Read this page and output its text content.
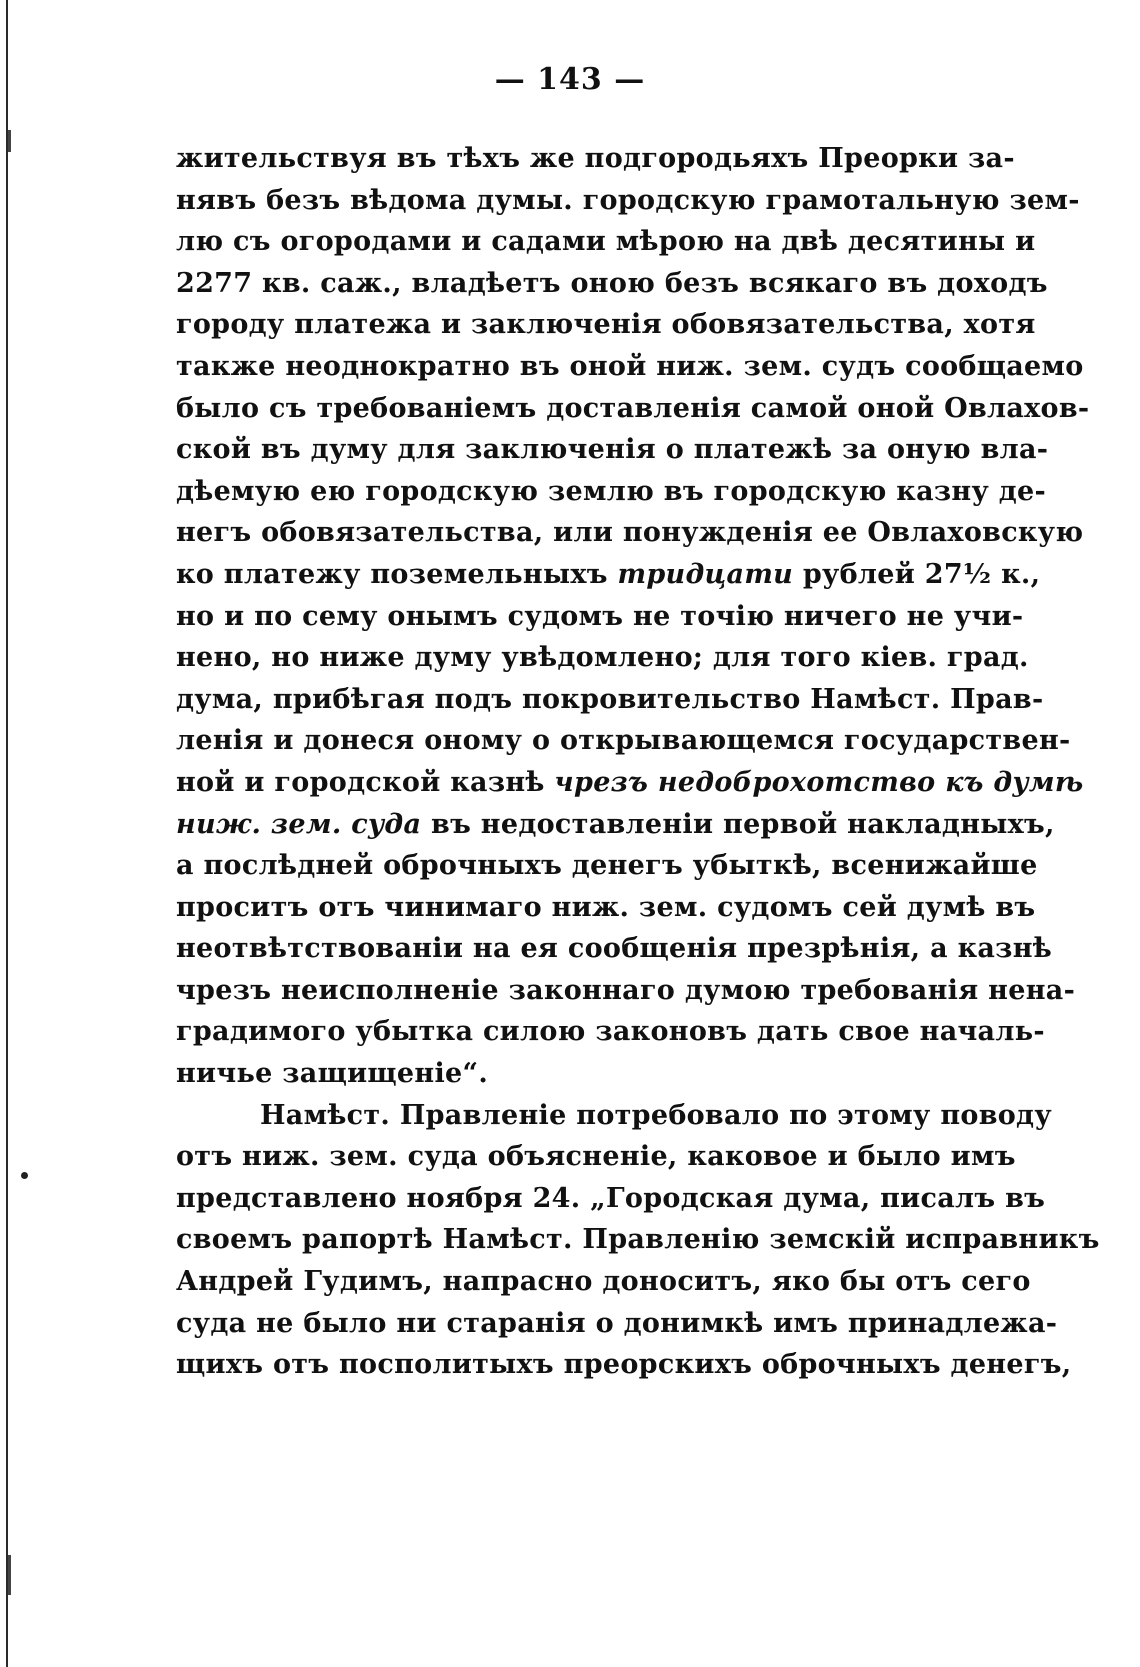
— 143 —
жительствуя въ тѣхъ же подгородьяхъ Преорки за-
нявъ безъ вѣдома думы. городскую грамотальную зем-
лю съ огородами и садами мѣрою на двѣ десятины и
2277 кв. саж., владѣетъ оною безъ всякаго въ доходъ
городу платежа и заключенія обовязательства, хотя
также неоднократно въ оной ниж. зем. судъ сообщаемо
было съ требованіемъ доставленія самой оной Овлахов-
ской въ думу для заключенія о платежѣ за оную вла-
дѣемую ею городскую землю въ городскую казну де-
негъ обовязательства, или понужденія ее Овлаховскую
ко платежу поземельныхъ тридцати рублей 27½ к.,
но и по сему онымъ судомъ не точію ничего не учи-
нено, но ниже думу увѣдомлено; для того кіев. град.
дума, прибѣгая подъ покровительство Намѣст. Прав-
ленія и донеся оному о открывающемся государствен-
ной и городской казнѣ чрезъ недоброхотство къ думѣ
ниж. зем. суда въ недоставленіи первой накладныхъ,
а послѣдней оброчныхъ денегъ убыткѣ, всенижайше
проситъ отъ чинимаго ниж. зем. судомъ сей думѣ въ
неотвѣтствованіи на ея сообщенія презрѣнія, а казнѣ
чрезъ неисполненіе законнаго думою требованія нена-
градимого убытка силою законовъ дать свое началь-
ничье защищеніе“.
Намѣст. Правленіе потребовало по этому поводу
отъ ниж. зем. суда объясненіе, каковое и было имъ
представлено ноября 24. „Городская дума, писалъ въ
своемъ рапортѣ Намѣст. Правленію земскій исправникъ
Андрей Гудимъ, напрасно доноситъ, яко бы отъ сего
суда не было ни старанія о донимкѣ имъ принадлежа-
щихъ отъ посполитыхъ преорскихъ оброчныхъ денегъ,
